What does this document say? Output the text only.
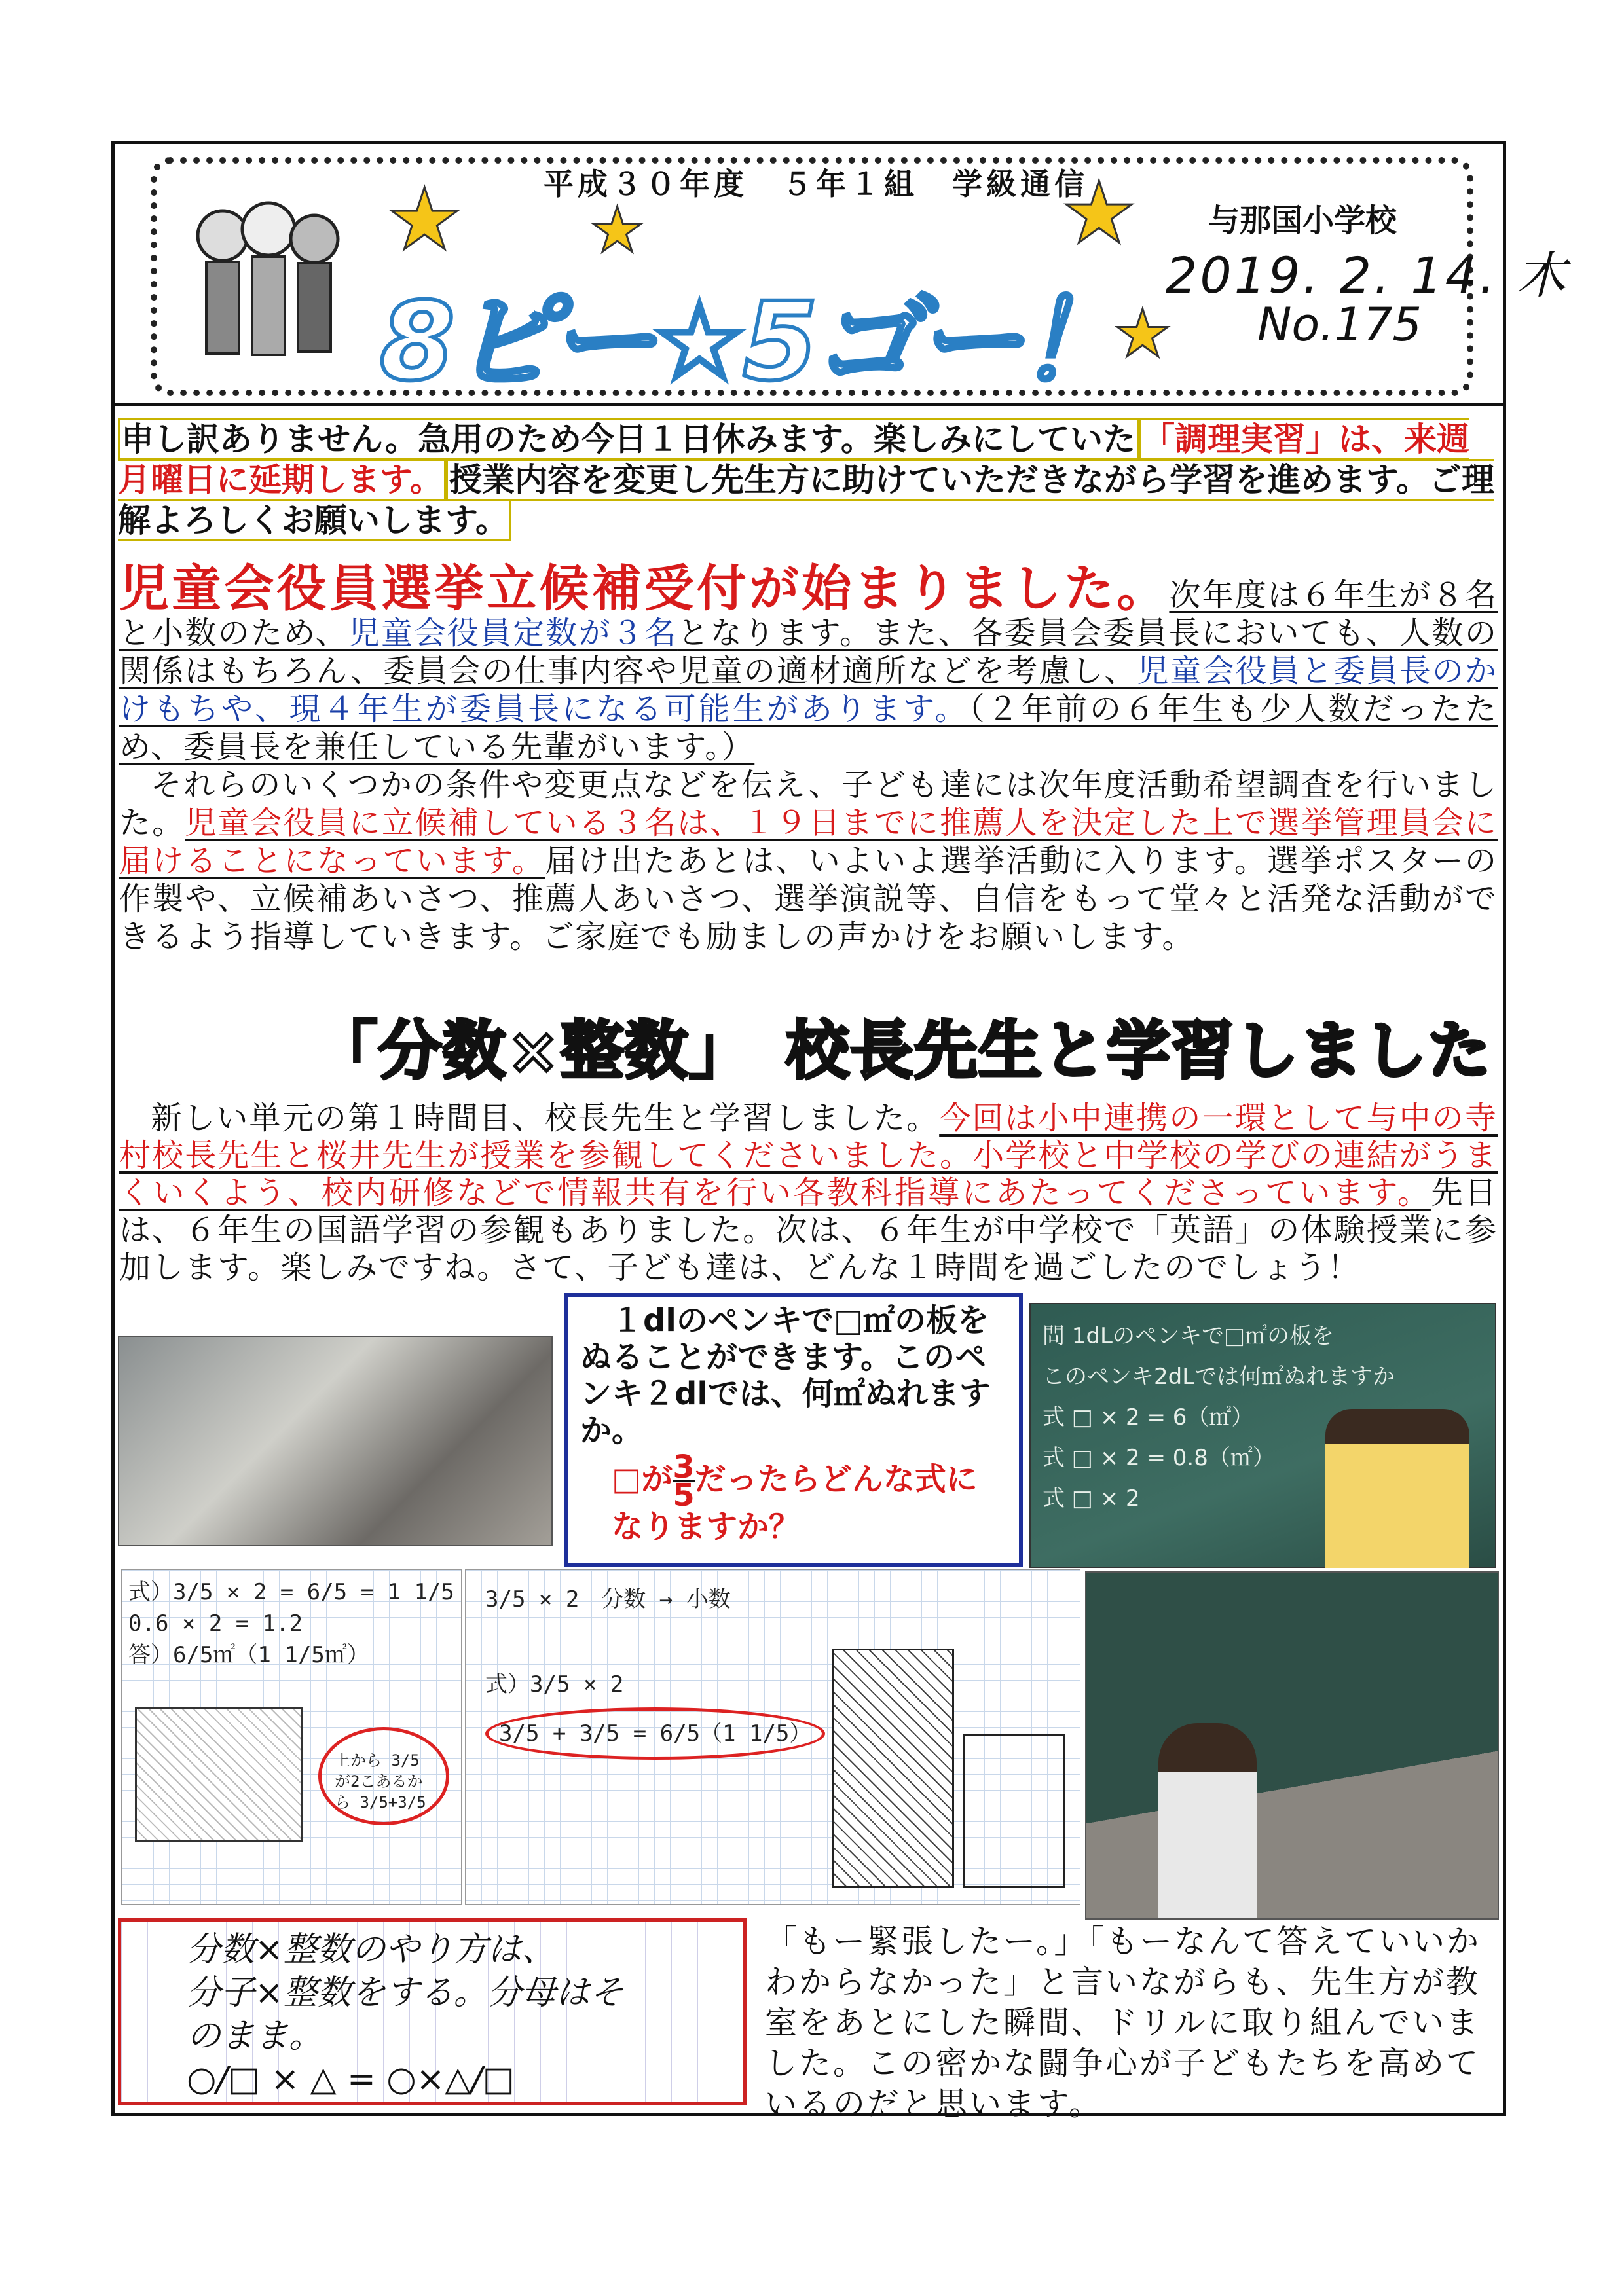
平成３０年度　５年１組　学級通信
★ ★	★
★
8ピー☆5ゴー！
与那国小学校
2019. 2. 14. 木
No.175
申し訳ありません。急用のため今日１日休みます。楽しみにしていた 「調理実習」は、来週月曜日に延期します。 授業内容を変更し先生方に助けていただきながら学習を進めます。ご理解よろしくお願いします。
児童会役員選挙立候補受付が始まりました。次年度は６年生が８名と小数のため、児童会役員定数が３名となります。また、各委員会委員長においても、人数の関係はもちろん、委員会の仕事内容や児童の適材適所などを考慮し、児童会役員と委員長のかけもちや、現４年生が委員長になる可能生があります。（２年前の６年生も少人数だったため、委員長を兼任している先輩がいます。）
それらのいくつかの条件や変更点などを伝え、子ども達には次年度活動希望調査を行いました。児童会役員に立候補している３名は、１９日までに推薦人を決定した上で選挙管理員会に届けることになっています。届け出たあとは、いよいよ選挙活動に入ります。選挙ポスターの作製や、立候補あいさつ、推薦人あいさつ、選挙演説等、自信をもって堂々と活発な活動ができるよう指導していきます。ご家庭でも励ましの声かけをお願いします。
「分数×整数」　校長先生と学習しました
新しい単元の第１時間目、校長先生と学習しました。今回は小中連携の一環として与中の寺村校長先生と桜井先生が授業を参観してくださいました。小学校と中学校の学びの連結がうまくいくよう、校内研修などで情報共有を行い各教科指導にあたってくださっています。先日は、６年生の国語学習の参観もありました。次は、６年生が中学校で「英語」の体験授業に参加します。楽しみですね。さて、子ども達は、どんな１時間を過ごしたのでしょう！
１dlのペンキで□㎡の板をぬることができます。このペンキ２dlでは、何㎡ぬれますか。
□が $\frac{3}{5}$ だったらどんな式になりますか？
問 1dLのペンキで□㎡の板を
このペンキ2dLでは何㎡ぬれますか
式 □ × 2 = 6（㎡）
式 □ × 2 = 0.8（㎡）
式 □ × 2
式）3/5 × 2 = 6/5 = 1 1/5
0.6 × 2 = 1.2
答）6/5㎡（1 1/5㎡）
上から 3/5が2こあるから 3/5+3/5
3/5 × 2　分数 → 小数
式）3/5 × 2
3/5 + 3/5 = 6/5（1 1/5）
分数×整数のやり方は、
分子×整数をする。分母はそ
のまま。
○/□ × △ = ○×△/□
「もー緊張したー。」「もーなんて答えていいかわからなかった」と言いながらも、先生方が教室をあとにした瞬間、ドリルに取り組んでいました。この密かな闘争心が子どもたちを高めているのだと思います。
